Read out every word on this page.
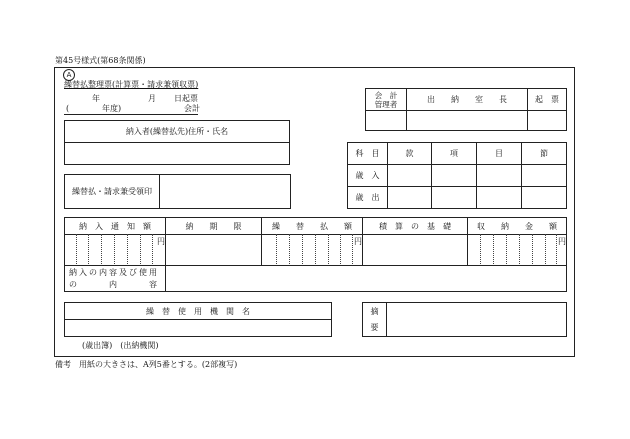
第45号様式(第68条関係)
A
繰替払整理票(計算票・請求兼領収票)
年	月 日起票
(	年度)	会計
会　計
管理者	出　　納　　室　　長	起　票

納入者(繰替払先)住所・氏名

科　目	款	項	目	節
歳　入				
歳　出				
繰替払・請求兼受領印	
納　入　通　知　額	納　　期　　限	繰　　替　　払　　額	積　算　の　基　礎	収　　納　　金　　額

円		円		円

納入の内容及び使用
の　　　　内　　　　容				
繰　替　使　用　機　関　名	摘
要	
(歳出簿)　(出納機関)
備考　用紙の大きさは、A列5番とする。(2部複写)
